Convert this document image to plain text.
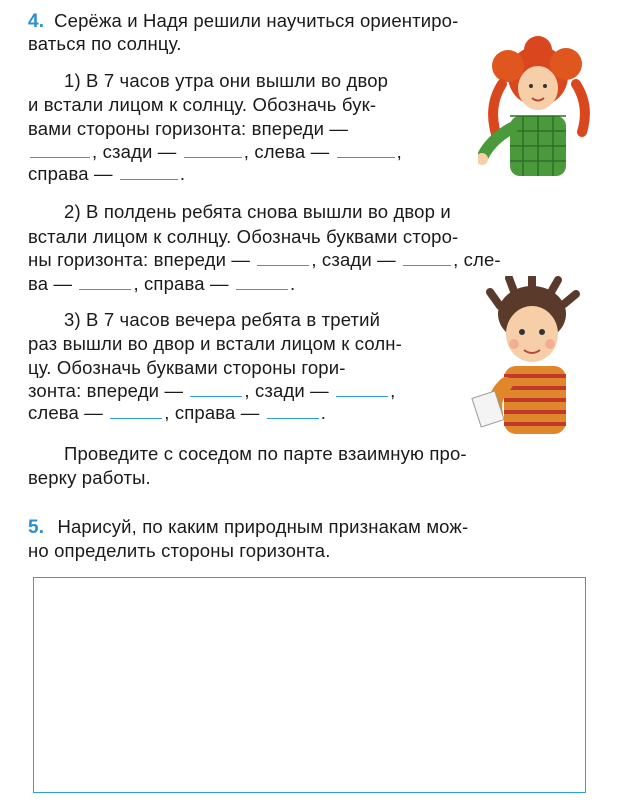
4. Серёжа и Надя решили научиться ориентиро-
ваться по солнцу.
1) В 7 часов утра они вышли во двор
и встали лицом к солнцу. Обозначь бук-
вами стороны горизонта: впереди —
, сзади —	, слева —	,
справа —	.
2) В полдень ребята снова вышли во двор и
встали лицом к солнцу. Обозначь буквами сторо-
ны горизонта: впереди —	, сзади —	, сле-
ва —	, справа —	.
3) В 7 часов вечера ребята в третий
раз вышли во двор и встали лицом к солн-
цу. Обозначь буквами стороны гори-
зонта: впереди —	, сзади —	,
слева —	, справа —	.
Проведите с соседом по парте взаимную про-
верку работы.
5. Нарисуй, по каким природным признакам мож-
но определить стороны горизонта.
